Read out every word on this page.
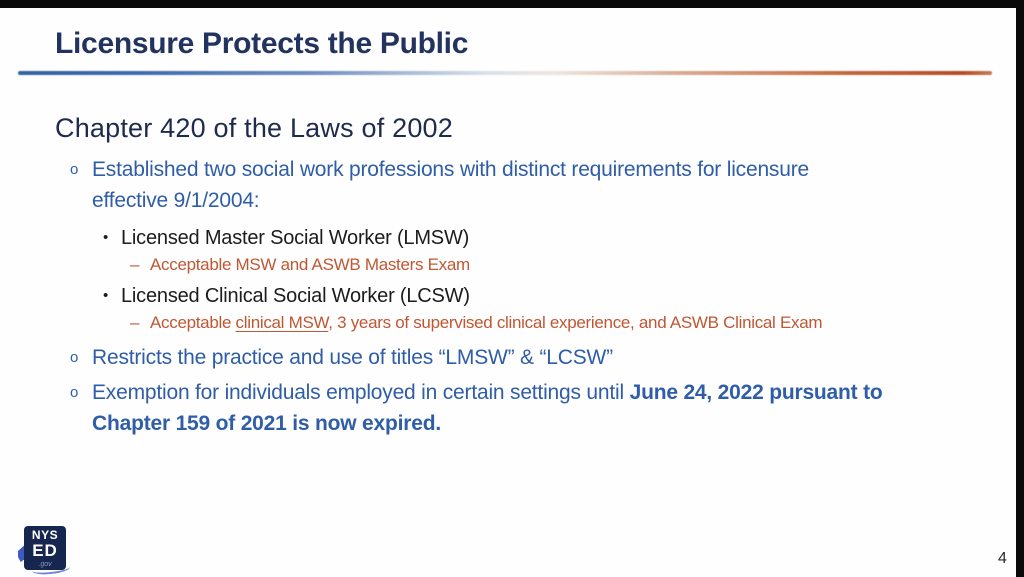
Licensure Protects the Public
Chapter 420 of the Laws of 2002
o Established two social work professions with distinct requirements for licensure
effective 9/1/2004:
• Licensed Master Social Worker (LMSW)
– Acceptable MSW and ASWB Masters Exam
• Licensed Clinical Social Worker (LCSW)
– Acceptable clinical MSW, 3 years of supervised clinical experience, and ASWB Clinical Exam
o Restricts the practice and use of titles “LMSW” & “LCSW”
o Exemption for individuals employed in certain settings until June 24, 2022 pursuant to
Chapter 159 of 2021 is now expired.
NYS
ED
.gov	4
